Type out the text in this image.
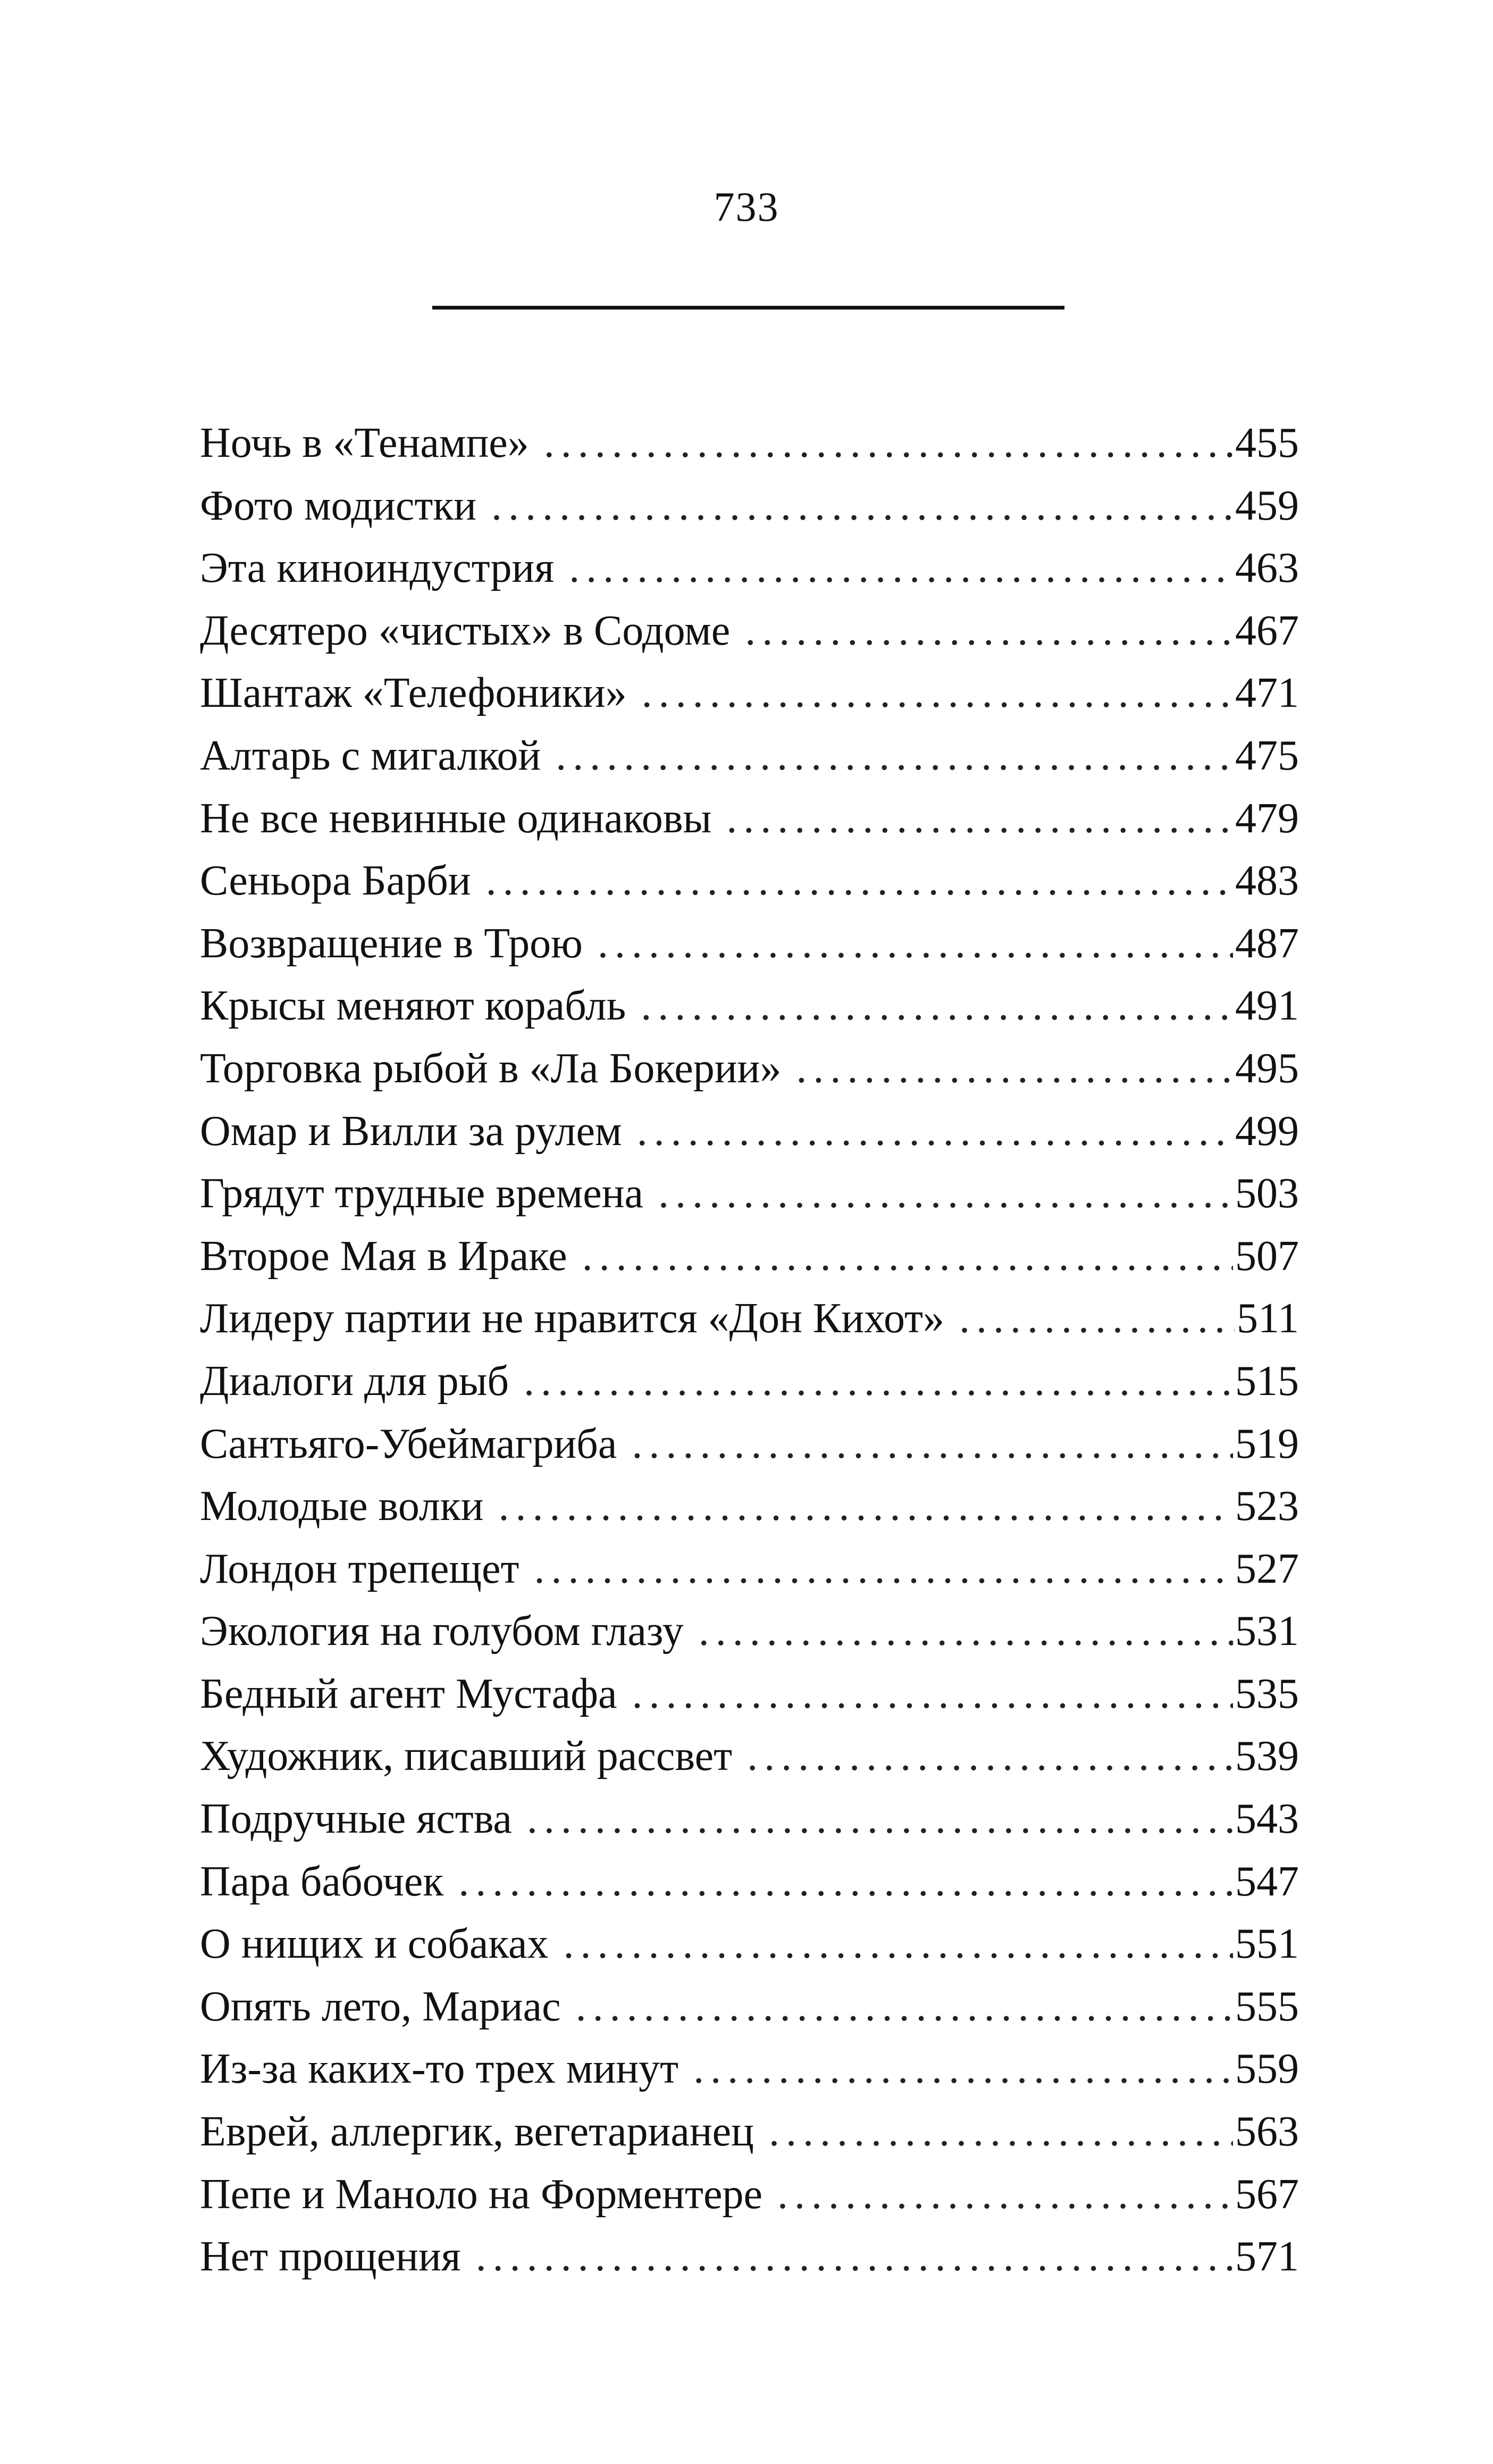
733
Ночь в «Тенампе» .....	455
Фото модистки .....	459
Эта киноиндустрия .....	463
Десятеро «чистых» в Содоме .....	467
Шантаж «Телефоники» .....	471
Алтарь с мигалкой .....	475
Не все невинные одинаковы .....	479
Сеньора Барби .....	483
Возвращение в Трою .....	487
Крысы меняют корабль .....	491
Торговка рыбой в «Ла Бокерии» .....	495
Омар и Вилли за рулем .....	499
Грядут трудные времена .....	503
Второе Мая в Ираке .....	507
Лидеру партии не нравится «Дон Кихот» .....	511
Диалоги для рыб .....	515
Сантьяго-Убеймагриба .....	519
Молодые волки .....	523
Лондон трепещет .....	527
Экология на голубом глазу .....	531
Бедный агент Мустафа .....	535
Художник, писавший рассвет .....	539
Подручные яства .....	543
Пара бабочек .....	547
О нищих и собаках .....	551
Опять лето, Мариас .....	555
Из-за каких-то трех минут .....	559
Еврей, аллергик, вегетарианец .....	563
Пепе и Маноло на Форментере .....	567
Нет прощения .....	571
